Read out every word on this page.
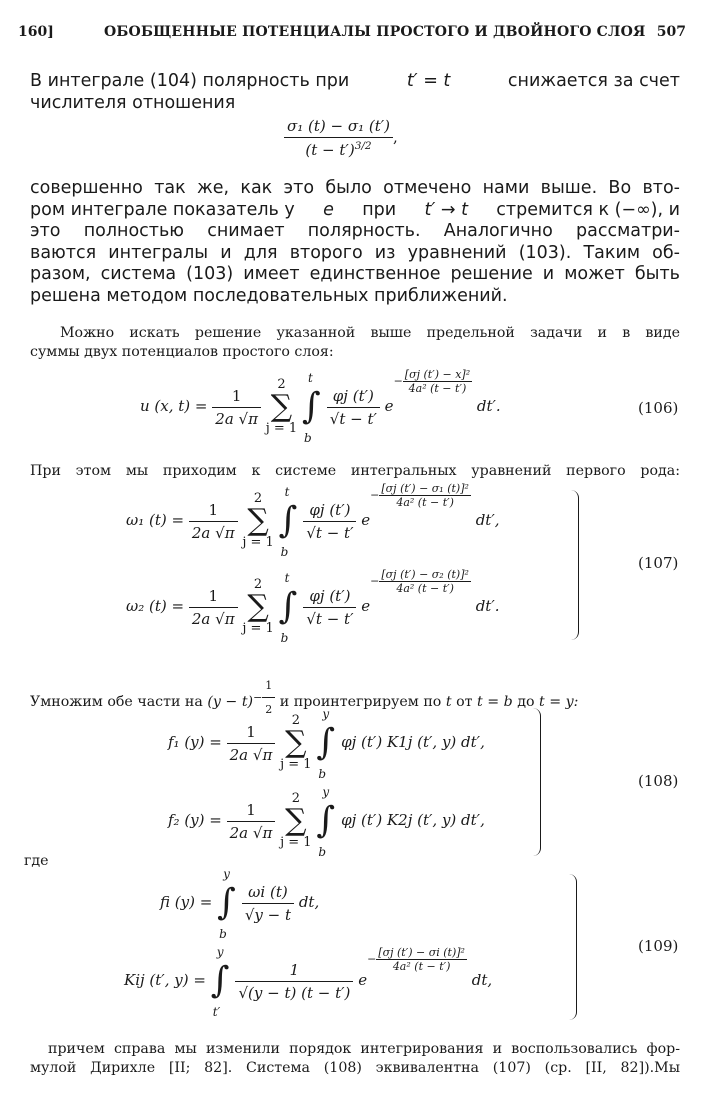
160]	ОБОБЩЕННЫЕ ПОТЕНЦИАЛЫ ПРОСТОГО И ДВОЙНОГО СЛОЯ 507
В интеграле (104) полярность при	t′ = t	снижается за счет
числителя отношения
$\frac{\text{σ₁ (t) − σ₁ (t′)}}{(t - t')^{3/2}}$ ,
совершенно так же, как это было отмечено нами выше. Во вто-
ром интеграле показатель у e при t′ → t стремится к (−∞), и
это полностью снимает полярность. Аналогично рассматри-
ваются интегралы и для второго из уравнений (103). Таким об-
разом, система (103) имеет единственное решение и может быть
решена методом последовательных приближений.
Можно искать решение указанной выше предельной задачи и в виде
суммы двух потенциалов простого слоя:
u (x, $t) = \frac{1}{2a √\pi}$
2
∑
j = 1 ∫
t
b

$\frac{\varphi j (t')}{√t - t'} e- \frac{\text{[σj (t′) − x]²}}{\text{4a² (t − t′)}}$
dt′.	(106)
При этом мы приходим к системе интегральных уравнений первого рода:
ω₁ $(t) = \frac{1}{2a √\pi}$
2
∑
j = 1 ∫
t
b

$\frac{\varphi j (t')}{√t - t'} e- \frac{\text{[σj (t′) − σ₁ (t)]²}}{\text{4a² (t − t′)}}$
dt′,
ω₂ $(t) = \frac{1}{2a √\pi}$
2
∑
j = 1 ∫
t
b

$\frac{\varphi j (t')}{√t - t'} e- \frac{\text{[σj (t′) − σ₂ (t)]²}}{\text{4a² (t − t′)}}$
dt′.
(107)
Умножим обе части на $(y - t)^{- \frac{1}{2}}$ и проинтегрируем по t от t = b до t = y:
f₁ $(y) = \frac{1}{2a √\pi}$
2
∑
j = 1 ∫
y
b
φj (t′) K1j (t′, y) dt′,
f₂ $(y) = \frac{1}{2a √\pi}$
2
∑
j = 1 ∫
y
b
φj (t′) K2j (t′, y) dt′,
(108)
где
fi (y) = ∫
y
b

$\frac{\omega i (t)}{√y - t}$ dt,
Kij (t′, y) = ∫
y
t′

$\frac{1}{√(y - t) (t - t')} e- \frac{\text{[σj (t′) − σi (t)]²}}{\text{4a² (t − t′)}}$
dt,
(109)
причем справа мы изменили порядок интегрирования и воспользовались фор-
мулой Дирихле [II; 82]. Система (108) эквивалентна (107) (ср. [II, 82]).Мы
